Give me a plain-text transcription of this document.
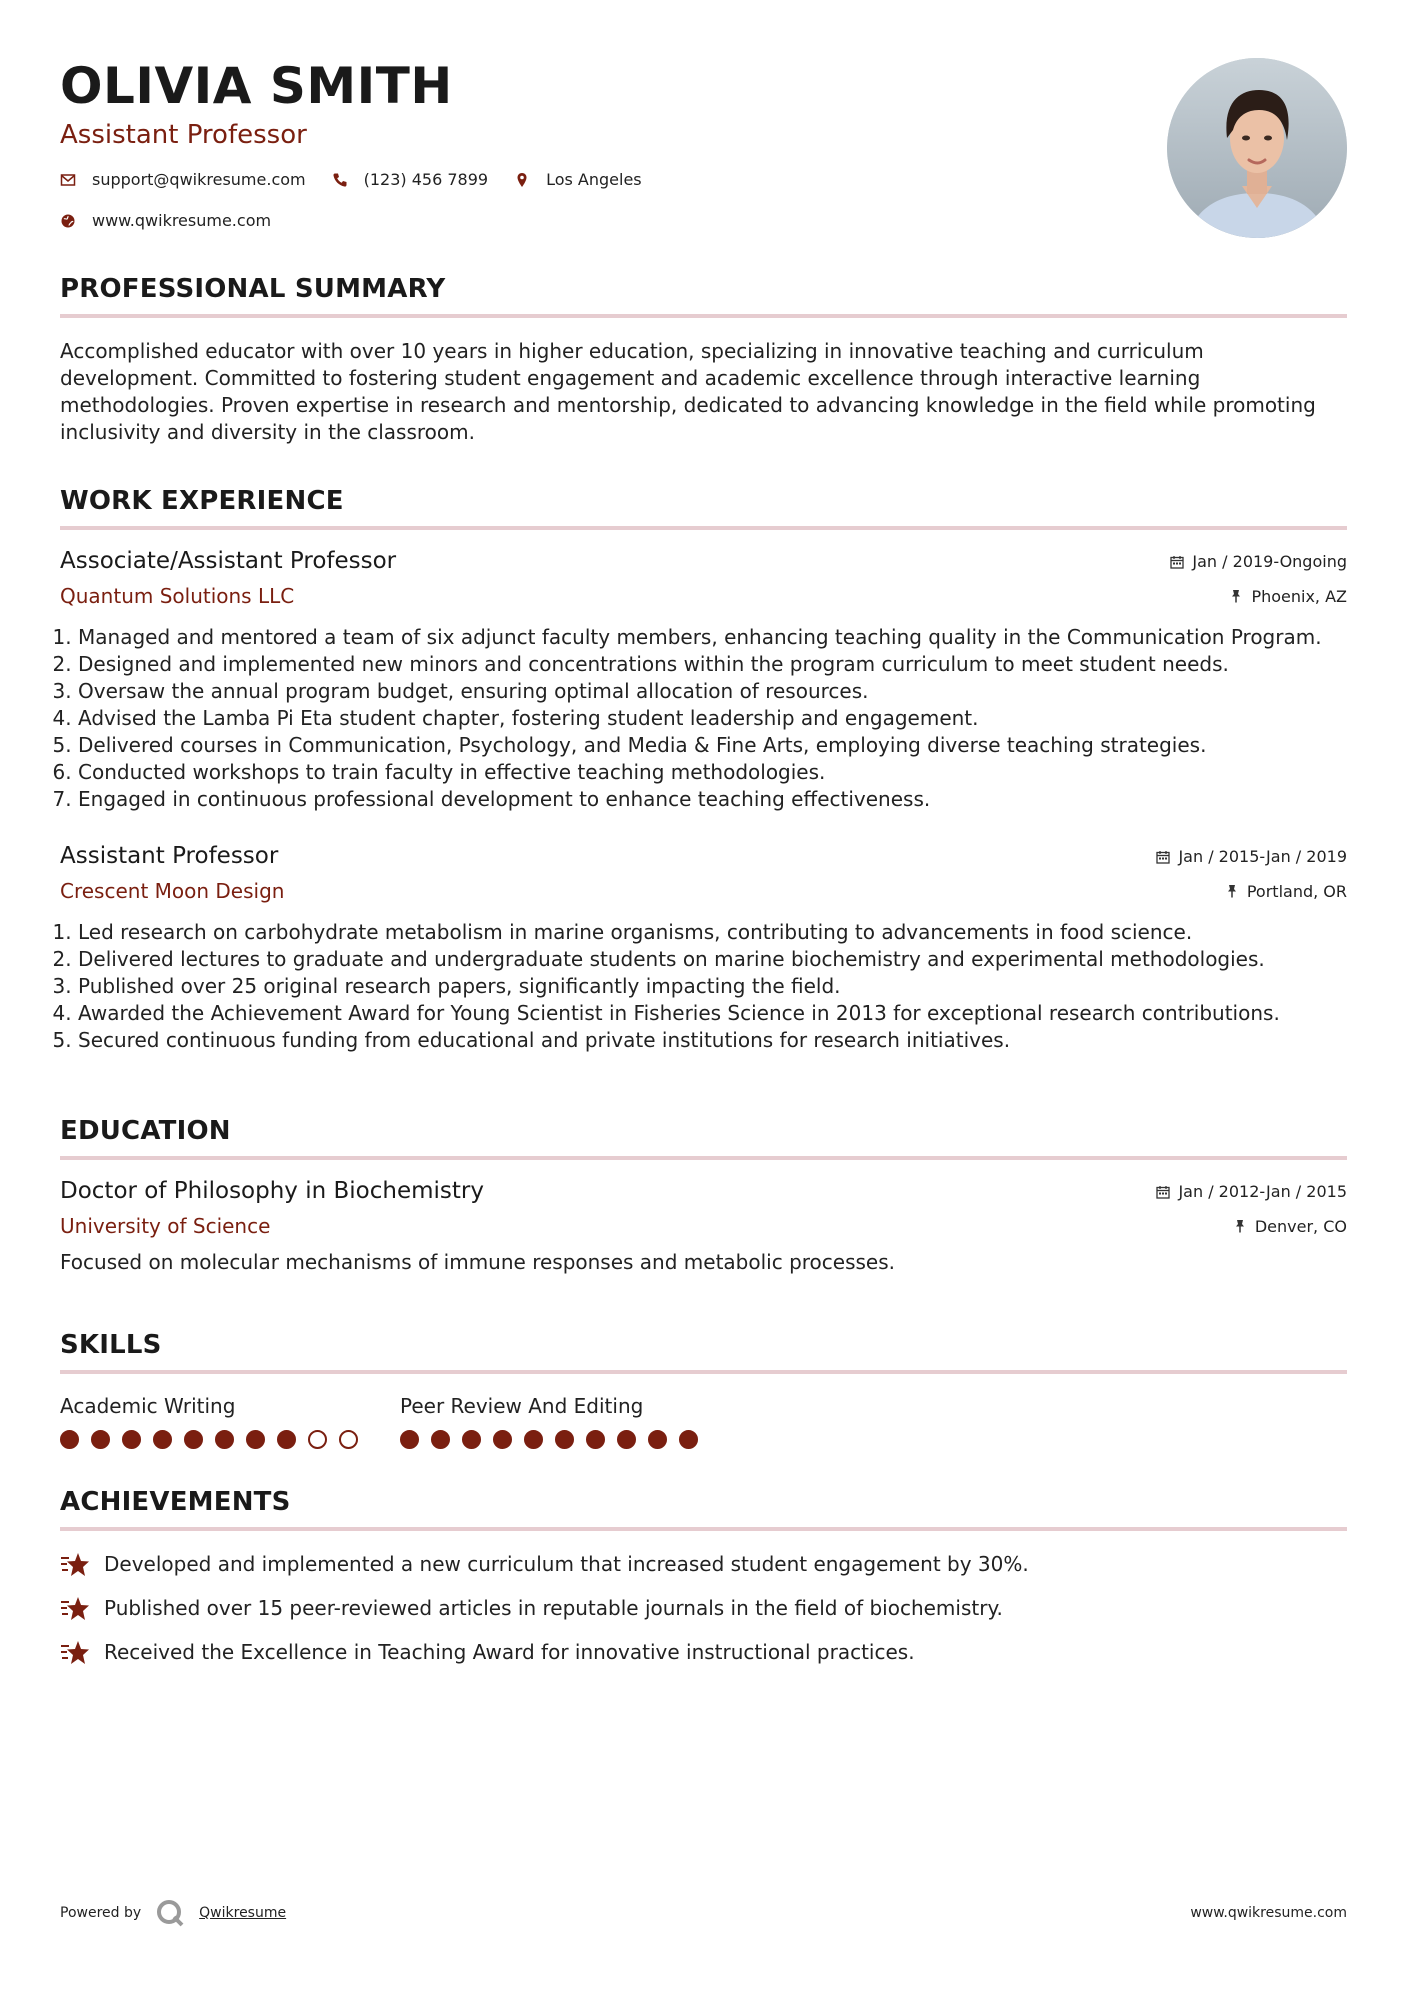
OLIVIA SMITH
Assistant Professor
support@qwikresume.com	(123) 456 7899	Los Angeles
www.qwikresume.com
PROFESSIONAL SUMMARY
Accomplished educator with over 10 years in higher education, specializing in innovative teaching and curriculum development. Committed to fostering student engagement and academic excellence through interactive learning methodologies. Proven expertise in research and mentorship, dedicated to advancing knowledge in the field while promoting inclusivity and diversity in the classroom.
WORK EXPERIENCE
Associate/Assistant Professor	Jan / 2019-Ongoing
Quantum Solutions LLC	Phoenix, AZ
1. Managed and mentored a team of six adjunct faculty members, enhancing teaching quality in the Communication Program.
2. Designed and implemented new minors and concentrations within the program curriculum to meet student needs.
3. Oversaw the annual program budget, ensuring optimal allocation of resources.
4. Advised the Lamba Pi Eta student chapter, fostering student leadership and engagement.
5. Delivered courses in Communication, Psychology, and Media & Fine Arts, employing diverse teaching strategies.
6. Conducted workshops to train faculty in effective teaching methodologies.
7. Engaged in continuous professional development to enhance teaching effectiveness.
Assistant Professor	Jan / 2015-Jan / 2019
Crescent Moon Design	Portland, OR
1. Led research on carbohydrate metabolism in marine organisms, contributing to advancements in food science.
2. Delivered lectures to graduate and undergraduate students on marine biochemistry and experimental methodologies.
3. Published over 25 original research papers, significantly impacting the field.
4. Awarded the Achievement Award for Young Scientist in Fisheries Science in 2013 for exceptional research contributions.
5. Secured continuous funding from educational and private institutions for research initiatives.
EDUCATION
Doctor of Philosophy in Biochemistry	Jan / 2012-Jan / 2015
University of Science	Denver, CO
Focused on molecular mechanisms of immune responses and metabolic processes.
SKILLS
Academic Writing	Peer Review And Editing
ACHIEVEMENTS
Developed and implemented a new curriculum that increased student engagement by 30%.
Published over 15 peer-reviewed articles in reputable journals in the field of biochemistry.
Received the Excellence in Teaching Award for innovative instructional practices.
Powered by	Qwikresume	www.qwikresume.com
